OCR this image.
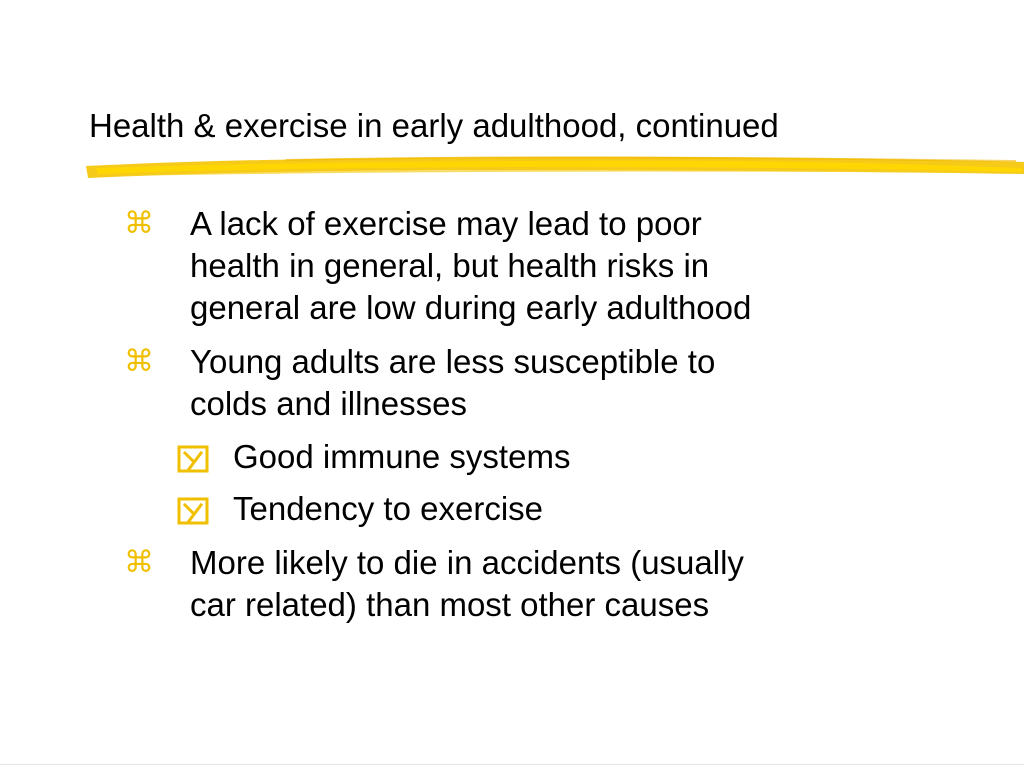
Health & exercise in early adulthood, continued
⌘ A lack of exercise may lead to poor
health in general, but health risks in
general are low during early adulthood
⌘ Young adults are less susceptible to
colds and illnesses
Good immune systems
Tendency to exercise
⌘ More likely to die in accidents (usually
car related) than most other causes
